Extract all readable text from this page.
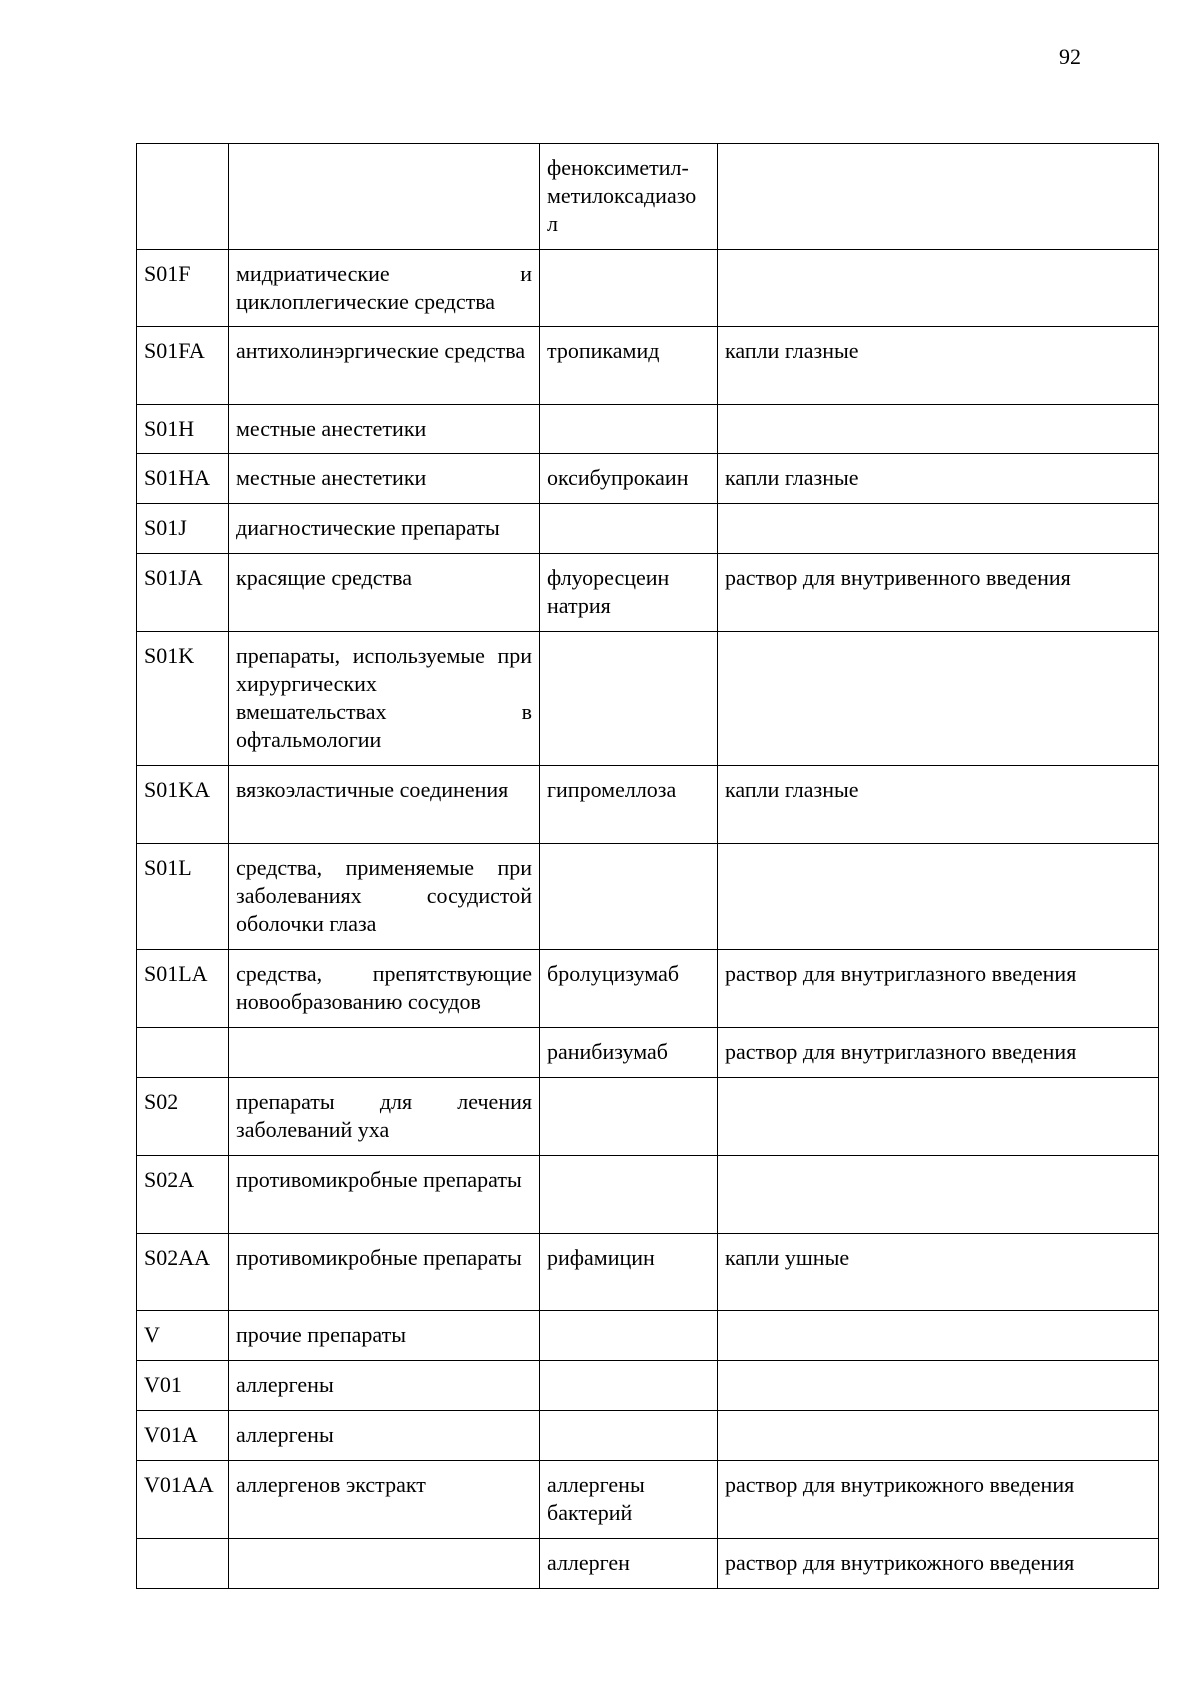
92

		феноксиметил-метилоксадиазол	

S01F	мидриатические и циклоплегические средства		
S01FA	антихолинэргические средства	тропикамид	капли глазные
S01H	местные анестетики		
S01HA	местные анестетики	оксибупрокаин	капли глазные
S01J	диагностические препараты		
S01JA	красящие средства	флуоресцеин натрия	раствор для внутривенного введения
S01K	препараты, используемые при хирургических вмешательствах в офтальмологии		
S01KA	вязкоэластичные соединения	гипромеллоза	капли глазные
S01L	средства, применяемые при заболеваниях сосудистой оболочки глаза		
S01LA	средства, препятствующие новообразованию сосудов	бролуцизумаб	раствор для внутриглазного введения
		ранибизумаб	раствор для внутриглазного введения
S02	препараты для лечения заболеваний уха		
S02A	противомикробные препараты		
S02AA	противомикробные препараты	рифамицин	капли ушные
V	прочие препараты		
V01	аллергены		
V01A	аллергены		
V01AA	аллергенов экстракт	аллергены бактерий	раствор для внутрикожного введения
		аллерген	раствор для внутрикожного введения
